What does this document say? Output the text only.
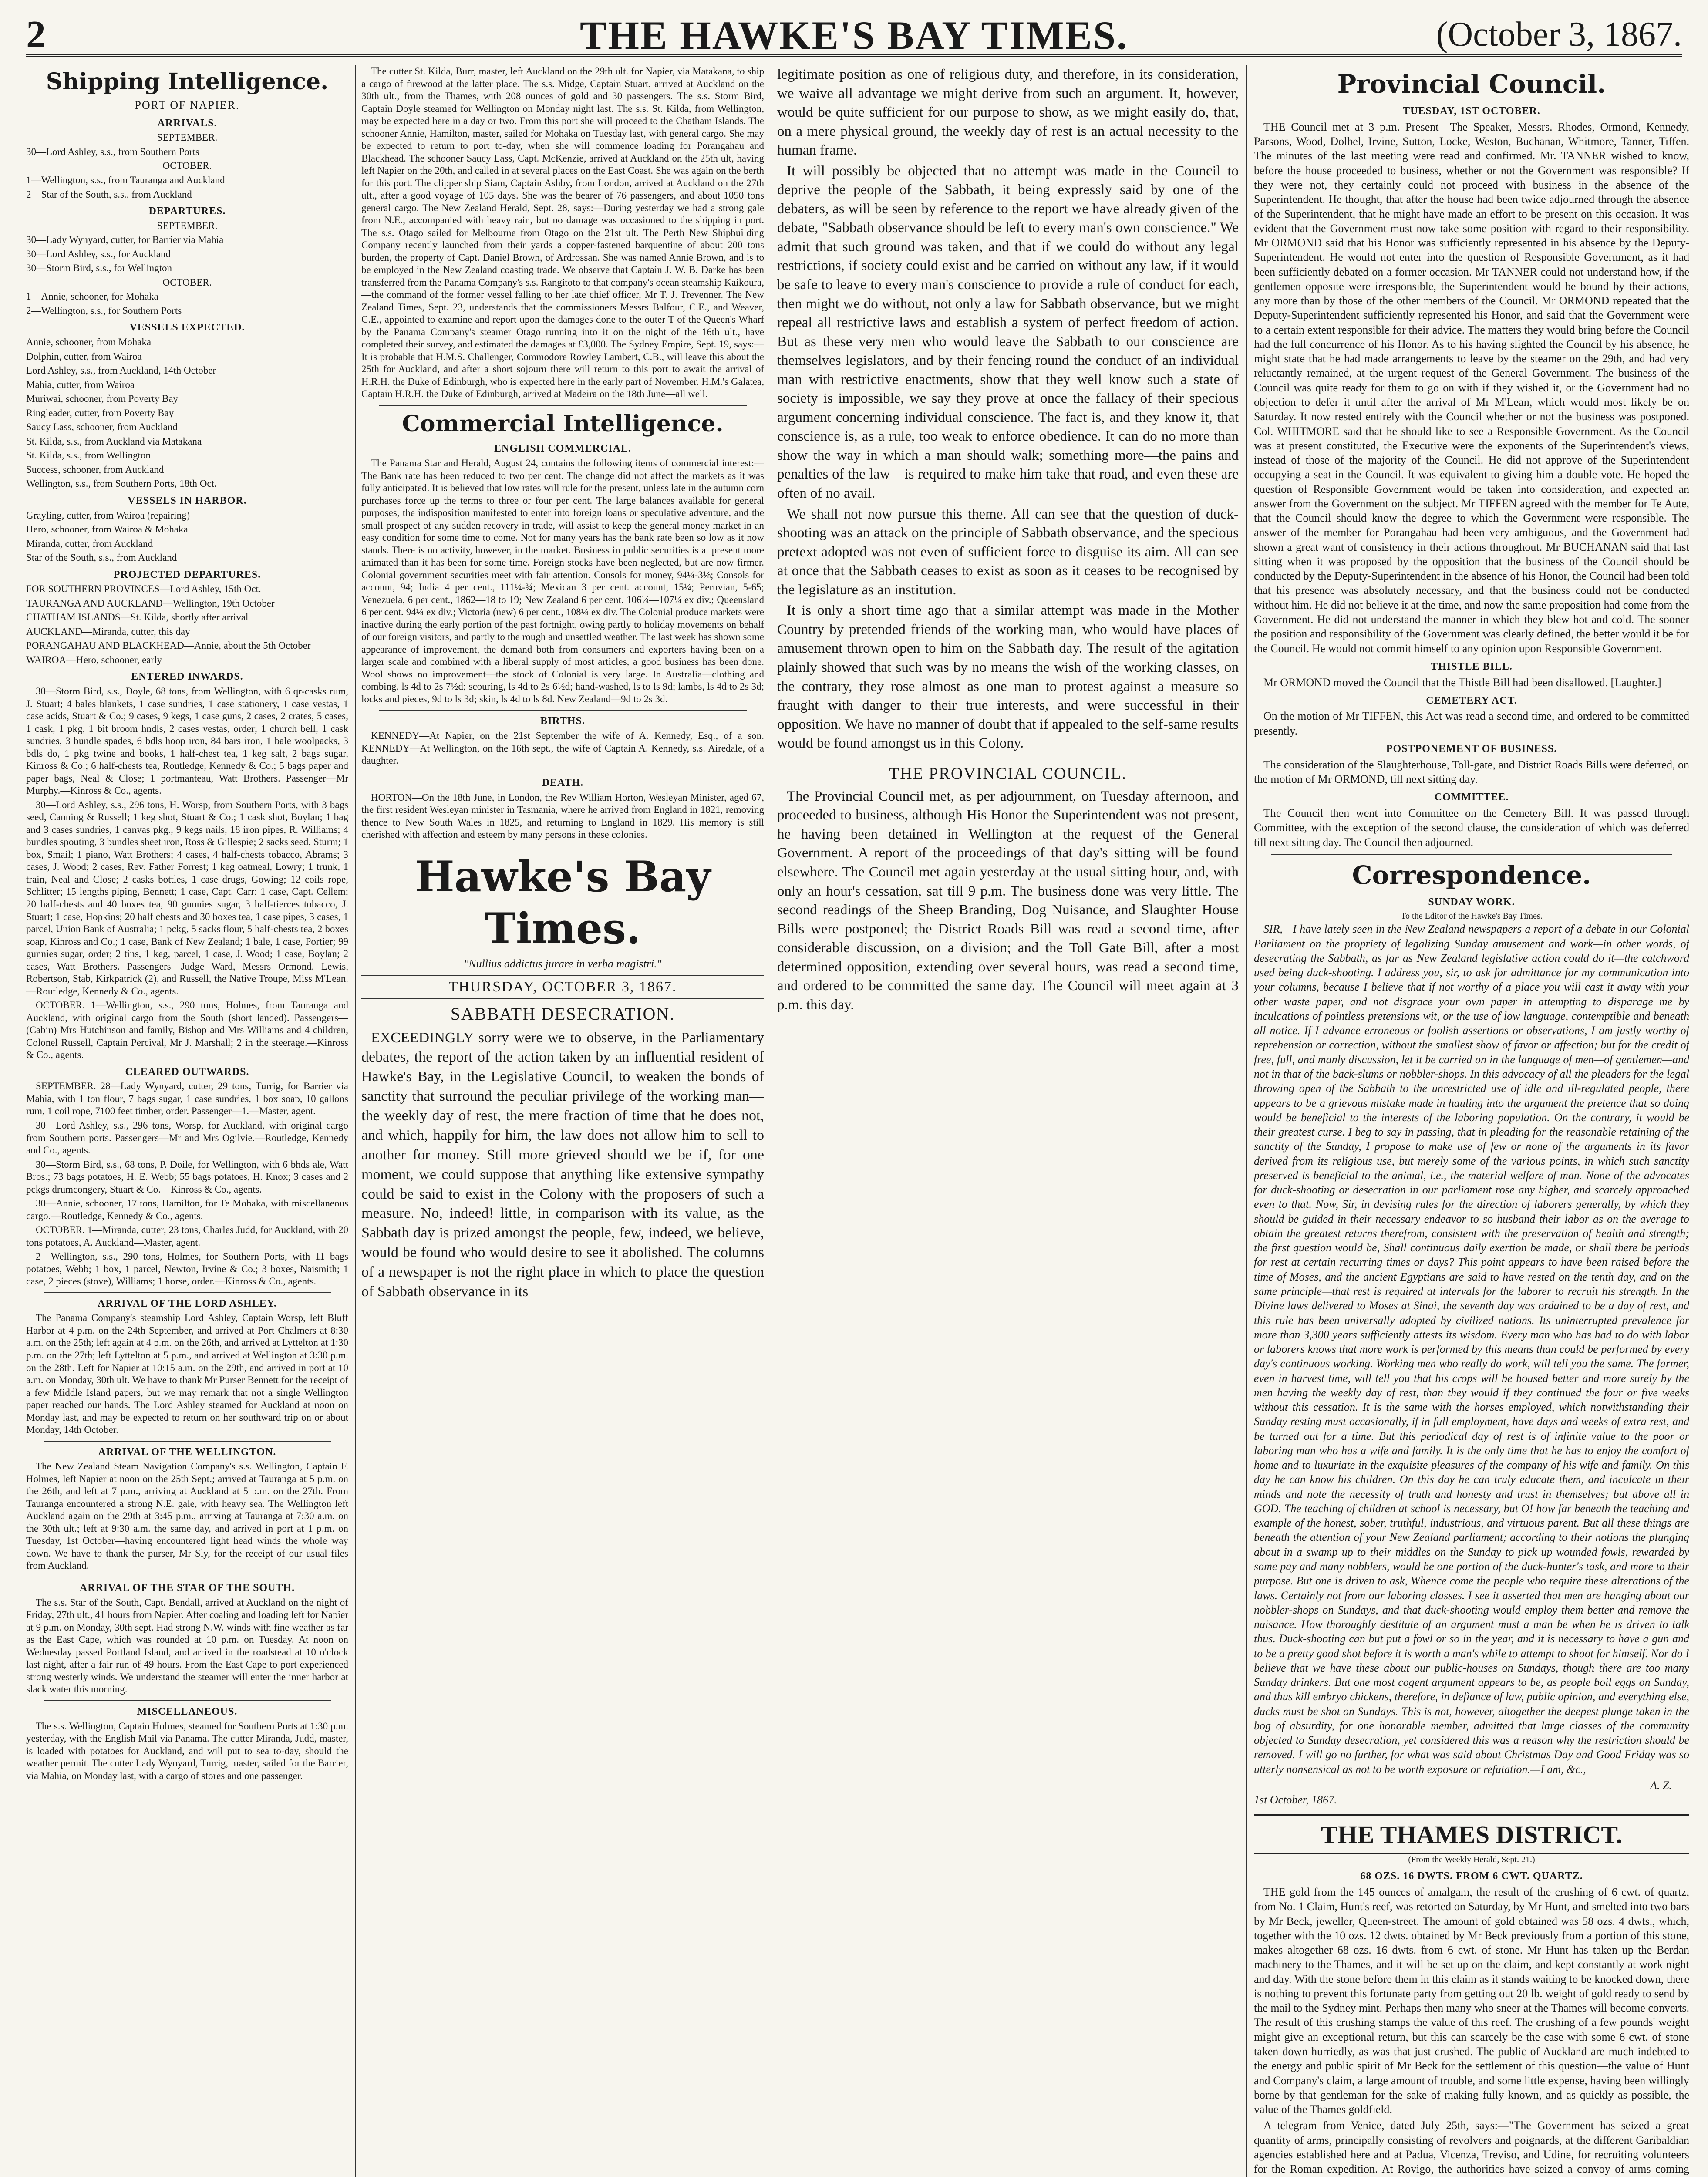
2	THE HAWKE'S BAY TIMES.	(October 3, 1867.
Shipping Intelligence.
PORT OF NAPIER.
ARRIVALS.

SEPTEMBER.

30—Lord Ashley, s.s., from Southern Ports

OCTOBER.

1—Wellington, s.s., from Tauranga and Auckland

2—Star of the South, s.s., from Auckland

DEPARTURES.

SEPTEMBER.

30—Lady Wynyard, cutter, for Barrier via Mahia

30—Lord Ashley, s.s., for Auckland

30—Storm Bird, s.s., for Wellington

OCTOBER.

1—Annie, schooner, for Mohaka

2—Wellington, s.s., for Southern Ports

VESSELS EXPECTED.

Annie, schooner, from Mohaka

Dolphin, cutter, from Wairoa

Lord Ashley, s.s., from Auckland, 14th October

Mahia, cutter, from Wairoa

Muriwai, schooner, from Poverty Bay

Ringleader, cutter, from Poverty Bay

Saucy Lass, schooner, from Auckland

St. Kilda, s.s., from Auckland via Matakana

St. Kilda, s.s., from Wellington

Success, schooner, from Auckland

Wellington, s.s., from Southern Ports, 18th Oct.

VESSELS IN HARBOR.

Grayling, cutter, from Wairoa (repairing)

Hero, schooner, from Wairoa & Mohaka

Miranda, cutter, from Auckland

Star of the South, s.s., from Auckland

PROJECTED DEPARTURES.

FOR SOUTHERN PROVINCES—Lord Ashley, 15th Oct.

TAURANGA AND AUCKLAND—Wellington, 19th October

CHATHAM ISLANDS—St. Kilda, shortly after arrival

AUCKLAND—Miranda, cutter, this day

PORANGAHAU AND BLACKHEAD—Annie, about the 5th October

WAIROA—Hero, schooner, early

ENTERED INWARDS.

30—Storm Bird, s.s., Doyle, 68 tons, from Wellington, with 6 qr-casks rum, J. Stuart; 4 bales blankets, 1 case sundries, 1 case stationery, 1 case vestas, 1 case acids, Stuart & Co.; 9 cases, 9 kegs, 1 case guns, 2 cases, 2 crates, 5 cases, 1 cask, 1 pkg, 1 bit broom hndls, 2 cases vestas, order; 1 church bell, 1 cask sundries, 3 bundle spades, 6 bdls hoop iron, 84 bars iron, 1 bale woolpacks, 3 bdls do, 1 pkg twine and books, 1 half-chest tea, 1 keg salt, 2 bags sugar, Kinross & Co.; 6 half-chests tea, Routledge, Kennedy & Co.; 5 bags paper and paper bags, Neal & Close; 1 portmanteau, Watt Brothers. Passenger—Mr Murphy.—Kinross & Co., agents.

30—Lord Ashley, s.s., 296 tons, H. Worsp, from Southern Ports, with 3 bags seed, Canning & Russell; 1 keg shot, Stuart & Co.; 1 cask shot, Boylan; 1 bag and 3 cases sundries, 1 canvas pkg., 9 kegs nails, 18 iron pipes, R. Williams; 4 bundles spouting, 3 bundles sheet iron, Ross & Gillespie; 2 sacks seed, Sturm; 1 box, Smail; 1 piano, Watt Brothers; 4 cases, 4 half-chests tobacco, Abrams; 3 cases, J. Wood; 2 cases, Rev. Father Forrest; 1 keg oatmeal, Lowry; 1 trunk, 1 train, Neal and Close; 2 casks bottles, 1 case drugs, Gowing; 12 coils rope, Schlitter; 15 lengths piping, Bennett; 1 case, Capt. Carr; 1 case, Capt. Cellem; 20 half-chests and 40 boxes tea, 90 gunnies sugar, 3 half-tierces tobacco, J. Stuart; 1 case, Hopkins; 20 half chests and 30 boxes tea, 1 case pipes, 3 cases, 1 parcel, Union Bank of Australia; 1 pckg, 5 sacks flour, 5 half-chests tea, 2 boxes soap, Kinross and Co.; 1 case, Bank of New Zealand; 1 bale, 1 case, Portier; 99 gunnies sugar, order; 2 tins, 1 keg, parcel, 1 case, J. Wood; 1 case, Boylan; 2 cases, Watt Brothers. Passengers—Judge Ward, Messrs Ormond, Lewis, Robertson, Stab, Kirkpatrick (2), and Russell, the Native Troupe, Miss M'Lean.—Routledge, Kennedy & Co., agents.

OCTOBER. 1—Wellington, s.s., 290 tons, Holmes, from Tauranga and Auckland, with original cargo from the South (short landed). Passengers—(Cabin) Mrs Hutchinson and family, Bishop and Mrs Williams and 4 children, Colonel Russell, Captain Percival, Mr J. Marshall; 2 in the steerage.—Kinross & Co., agents.

CLEARED OUTWARDS.

SEPTEMBER. 28—Lady Wynyard, cutter, 29 tons, Turrig, for Barrier via Mahia, with 1 ton flour, 7 bags sugar, 1 case sundries, 1 box soap, 10 gallons rum, 1 coil rope, 7100 feet timber, order. Passenger—1.—Master, agent.

30—Lord Ashley, s.s., 296 tons, Worsp, for Auckland, with original cargo from Southern ports. Passengers—Mr and Mrs Ogilvie.—Routledge, Kennedy and Co., agents.

30—Storm Bird, s.s., 68 tons, P. Doile, for Wellington, with 6 bhds ale, Watt Bros.; 73 bags potatoes, H. E. Webb; 55 bags potatoes, H. Knox; 3 cases and 2 pckgs drumcongery, Stuart & Co.—Kinross & Co., agents.

30—Annie, schooner, 17 tons, Hamilton, for Te Mohaka, with miscellaneous cargo.—Routledge, Kennedy & Co., agents.

OCTOBER. 1—Miranda, cutter, 23 tons, Charles Judd, for Auckland, with 20 tons potatoes, A. Auckland—Master, agent.

2—Wellington, s.s., 290 tons, Holmes, for Southern Ports, with 11 bags potatoes, Webb; 1 box, 1 parcel, Newton, Irvine & Co.; 3 boxes, Naismith; 1 case, 2 pieces (stove), Williams; 1 horse, order.—Kinross & Co., agents.

ARRIVAL OF THE LORD ASHLEY.

The Panama Company's steamship Lord Ashley, Captain Worsp, left Bluff Harbor at 4 p.m. on the 24th September, and arrived at Port Chalmers at 8:30 a.m. on the 25th; left again at 4 p.m. on the 26th, and arrived at Lyttelton at 1:30 p.m. on the 27th; left Lyttelton at 5 p.m., and arrived at Wellington at 3:30 p.m. on the 28th. Left for Napier at 10:15 a.m. on the 29th, and arrived in port at 10 a.m. on Monday, 30th ult. We have to thank Mr Purser Bennett for the receipt of a few Middle Island papers, but we may remark that not a single Wellington paper reached our hands. The Lord Ashley steamed for Auckland at noon on Monday last, and may be expected to return on her southward trip on or about Monday, 14th October.

ARRIVAL OF THE WELLINGTON.

The New Zealand Steam Navigation Company's s.s. Wellington, Captain F. Holmes, left Napier at noon on the 25th Sept.; arrived at Tauranga at 5 p.m. on the 26th, and left at 7 p.m., arriving at Auckland at 5 p.m. on the 27th. From Tauranga encountered a strong N.E. gale, with heavy sea. The Wellington left Auckland again on the 29th at 3:45 p.m., arriving at Tauranga at 7:30 a.m. on the 30th ult.; left at 9:30 a.m. the same day, and arrived in port at 1 p.m. on Tuesday, 1st October—having encountered light head winds the whole way down. We have to thank the purser, Mr Sly, for the receipt of our usual files from Auckland.

ARRIVAL OF THE STAR OF THE SOUTH.

The s.s. Star of the South, Capt. Bendall, arrived at Auckland on the night of Friday, 27th ult., 41 hours from Napier. After coaling and loading left for Napier at 9 p.m. on Monday, 30th sept. Had strong N.W. winds with fine weather as far as the East Cape, which was rounded at 10 p.m. on Tuesday. At noon on Wednesday passed Portland Island, and arrived in the roadstead at 10 o'clock last night, after a fair run of 49 hours. From the East Cape to port experienced strong westerly winds. We understand the steamer will enter the inner harbor at slack water this morning.

MISCELLANEOUS.

The s.s. Wellington, Captain Holmes, steamed for Southern Ports at 1:30 p.m. yesterday, with the English Mail via Panama. The cutter Miranda, Judd, master, is loaded with potatoes for Auckland, and will put to sea to-day, should the weather permit. The cutter Lady Wynyard, Turrig, master, sailed for the Barrier, via Mahia, on Monday last, with a cargo of stores and one passenger.

The cutter St. Kilda, Burr, master, left Auckland on the 29th ult. for Napier, via Matakana, to ship a cargo of firewood at the latter place. The s.s. Midge, Captain Stuart, arrived at Auckland on the 30th ult., from the Thames, with 208 ounces of gold and 30 passengers. The s.s. Storm Bird, Captain Doyle steamed for Wellington on Monday night last. The s.s. St. Kilda, from Wellington, may be expected here in a day or two. From this port she will proceed to the Chatham Islands. The schooner Annie, Hamilton, master, sailed for Mohaka on Tuesday last, with general cargo. She may be expected to return to port to-day, when she will commence loading for Porangahau and Blackhead. The schooner Saucy Lass, Capt. McKenzie, arrived at Auckland on the 25th ult, having left Napier on the 20th, and called in at several places on the East Coast. She was again on the berth for this port. The clipper ship Siam, Captain Ashby, from London, arrived at Auckland on the 27th ult., after a good voyage of 105 days. She was the bearer of 76 passengers, and about 1050 tons general cargo. The New Zealand Herald, Sept. 28, says:—During yesterday we had a strong gale from N.E., accompanied with heavy rain, but no damage was occasioned to the shipping in port. The s.s. Otago sailed for Melbourne from Otago on the 21st ult. The Perth New Shipbuilding Company recently launched from their yards a copper-fastened barquentine of about 200 tons burden, the property of Capt. Daniel Brown, of Ardrossan. She was named Annie Brown, and is to be employed in the New Zealand coasting trade. We observe that Captain J. W. B. Darke has been transferred from the Panama Company's s.s. Rangitoto to that company's ocean steamship Kaikoura,—the command of the former vessel falling to her late chief officer, Mr T. J. Trevenner. The New Zealand Times, Sept. 23, understands that the commissioners Messrs Balfour, C.E., and Weaver, C.E., appointed to examine and report upon the damages done to the outer T of the Queen's Wharf by the Panama Company's steamer Otago running into it on the night of the 16th ult., have completed their survey, and estimated the damages at £3,000. The Sydney Empire, Sept. 19, says:—It is probable that H.M.S. Challenger, Commodore Rowley Lambert, C.B., will leave this about the 25th for Auckland, and after a short sojourn there will return to this port to await the arrival of H.R.H. the Duke of Edinburgh, who is expected here in the early part of November. H.M.'s Galatea, Captain H.R.H. the Duke of Edinburgh, arrived at Madeira on the 18th June—all well.

Commercial Intelligence.
ENGLISH COMMERCIAL.

The Panama Star and Herald, August 24, contains the following items of commercial interest:— The Bank rate has been reduced to two per cent. The change did not affect the markets as it was fully anticipated. It is believed that low rates will rule for the present, unless late in the autumn corn purchases force up the terms to three or four per cent. The large balances available for general purposes, the indisposition manifested to enter into foreign loans or speculative adventure, and the small prospect of any sudden recovery in trade, will assist to keep the general money market in an easy condition for some time to come. Not for many years has the bank rate been so low as it now stands. There is no activity, however, in the market. Business in public securities is at present more animated than it has been for some time. Foreign stocks have been neglected, but are now firmer. Colonial government securities meet with fair attention. Consols for money, 94¼-3⅛; Consols for account, 94; India 4 per cent., 111¼-¾; Mexican 3 per cent. account, 15¼; Peruvian, 5-65; Venezuela, 6 per cent., 1862—18 to 19; New Zealand 6 per cent. 106¼—107¼ ex div.; Queensland 6 per cent. 94¼ ex div.; Victoria (new) 6 per cent., 108¼ ex div. The Colonial produce markets were inactive during the early portion of the past fortnight, owing partly to holiday movements on behalf of our foreign visitors, and partly to the rough and unsettled weather. The last week has shown some appearance of improvement, the demand both from consumers and exporters having been on a larger scale and combined with a liberal supply of most articles, a good business has been done. Wool shows no improvement—the stock of Colonial is very large. In Australia—clothing and combing, ls 4d to 2s 7½d; scouring, ls 4d to 2s 6½d; hand-washed, ls to ls 9d; lambs, ls 4d to 2s 3d; locks and pieces, 9d to ls 3d; skin, ls 4d to ls 8d. New Zealand—9d to 2s 3d.

BIRTHS.

KENNEDY—At Napier, on the 21st September the wife of A. Kennedy, Esq., of a son. KENNEDY—At Wellington, on the 16th sept., the wife of Captain A. Kennedy, s.s. Airedale, of a daughter.

DEATH.

HORTON—On the 18th June, in London, the Rev William Horton, Wesleyan Minister, aged 67, the first resident Wesleyan minister in Tasmania, where he arrived from England in 1821, removing thence to New South Wales in 1825, and returning to England in 1829. His memory is still cherished with affection and esteem by many persons in these colonies.

Hawke's Bay Times.
"Nullius addictus jurare in verba magistri."
THURSDAY, OCTOBER 3, 1867.
SABBATH DESECRATION.

EXCEEDINGLY sorry were we to observe, in the Parliamentary debates, the report of the action taken by an influential resident of Hawke's Bay, in the Legislative Council, to weaken the bonds of sanctity that surround the peculiar privilege of the working man—the weekly day of rest, the mere fraction of time that he does not, and which, happily for him, the law does not allow him to sell to another for money. Still more grieved should we be if, for one moment, we could suppose that anything like extensive sympathy could be said to exist in the Colony with the proposers of such a measure. No, indeed! little, in comparison with its value, as the Sabbath day is prized amongst the people, few, indeed, we believe, would be found who would desire to see it abolished. The columns of a newspaper is not the right place in which to place the question of Sabbath observance in its

legitimate position as one of religious duty, and therefore, in its consideration, we waive all advantage we might derive from such an argument. It, however, would be quite sufficient for our purpose to show, as we might easily do, that, on a mere physical ground, the weekly day of rest is an actual necessity to the human frame.

It will possibly be objected that no attempt was made in the Council to deprive the people of the Sabbath, it being expressly said by one of the debaters, as will be seen by reference to the report we have already given of the debate, "Sabbath observance should be left to every man's own conscience." We admit that such ground was taken, and that if we could do without any legal restrictions, if society could exist and be carried on without any law, if it would be safe to leave to every man's conscience to provide a rule of conduct for each, then might we do without, not only a law for Sabbath observance, but we might repeal all restrictive laws and establish a system of perfect freedom of action. But as these very men who would leave the Sabbath to our conscience are themselves legislators, and by their fencing round the conduct of an individual man with restrictive enactments, show that they well know such a state of society is impossible, we say they prove at once the fallacy of their specious argument concerning individual conscience. The fact is, and they know it, that conscience is, as a rule, too weak to enforce obedience. It can do no more than show the way in which a man should walk; something more—the pains and penalties of the law—is required to make him take that road, and even these are often of no avail.

We shall not now pursue this theme. All can see that the question of duck-shooting was an attack on the principle of Sabbath observance, and the specious pretext adopted was not even of sufficient force to disguise its aim. All can see at once that the Sabbath ceases to exist as soon as it ceases to be recognised by the legislature as an institution.

It is only a short time ago that a similar attempt was made in the Mother Country by pretended friends of the working man, who would have places of amusement thrown open to him on the Sabbath day. The result of the agitation plainly showed that such was by no means the wish of the working classes, on the contrary, they rose almost as one man to protest against a measure so fraught with danger to their true interests, and were successful in their opposition. We have no manner of doubt that if appealed to the self-same results would be found amongst us in this Colony.

THE PROVINCIAL COUNCIL.

The Provincial Council met, as per adjournment, on Tuesday afternoon, and proceeded to business, although His Honor the Superintendent was not present, he having been detained in Wellington at the request of the General Government. A report of the proceedings of that day's sitting will be found elsewhere. The Council met again yesterday at the usual sitting hour, and, with only an hour's cessation, sat till 9 p.m. The business done was very little. The second readings of the Sheep Branding, Dog Nuisance, and Slaughter House Bills were postponed; the District Roads Bill was read a second time, after considerable discussion, on a division; and the Toll Gate Bill, after a most determined opposition, extending over several hours, was read a second time, and ordered to be committed the same day. The Council will meet again at 3 p.m. this day.

Provincial Council.
TUESDAY, 1ST OCTOBER.

THE Council met at 3 p.m. Present—The Speaker, Messrs. Rhodes, Ormond, Kennedy, Parsons, Wood, Dolbel, Irvine, Sutton, Locke, Weston, Buchanan, Whitmore, Tanner, Tiffen. The minutes of the last meeting were read and confirmed. Mr. TANNER wished to know, before the house proceeded to business, whether or not the Government was responsible? If they were not, they certainly could not proceed with business in the absence of the Superintendent. He thought, that after the house had been twice adjourned through the absence of the Superintendent, that he might have made an effort to be present on this occasion. It was evident that the Government must now take some position with regard to their responsibility. Mr ORMOND said that his Honor was sufficiently represented in his absence by the Deputy-Superintendent. He would not enter into the question of Responsible Government, as it had been sufficiently debated on a former occasion. Mr TANNER could not understand how, if the gentlemen opposite were irresponsible, the Superintendent would be bound by their actions, any more than by those of the other members of the Council. Mr ORMOND repeated that the Deputy-Superintendent sufficiently represented his Honor, and said that the Government were to a certain extent responsible for their advice. The matters they would bring before the Council had the full concurrence of his Honor. As to his having slighted the Council by his absence, he might state that he had made arrangements to leave by the steamer on the 29th, and had very reluctantly remained, at the urgent request of the General Government. The business of the Council was quite ready for them to go on with if they wished it, or the Government had no objection to defer it until after the arrival of Mr M'Lean, which would most likely be on Saturday. It now rested entirely with the Council whether or not the business was postponed. Col. WHITMORE said that he should like to see a Responsible Government. As the Council was at present constituted, the Executive were the exponents of the Superintendent's views, instead of those of the majority of the Council. He did not approve of the Superintendent occupying a seat in the Council. It was equivalent to giving him a double vote. He hoped the question of Responsible Government would be taken into consideration, and expected an answer from the Government on the subject. Mr TIFFEN agreed with the member for Te Aute, that the Council should know the degree to which the Government were responsible. The answer of the member for Porangahau had been very ambiguous, and the Government had shown a great want of consistency in their actions throughout. Mr BUCHANAN said that last sitting when it was proposed by the opposition that the business of the Council should be conducted by the Deputy-Superintendent in the absence of his Honor, the Council had been told that his presence was absolutely necessary, and that the business could not be conducted without him. He did not believe it at the time, and now the same proposition had come from the Government. He did not understand the manner in which they blew hot and cold. The sooner the position and responsibility of the Government was clearly defined, the better would it be for the Council. He would not commit himself to any opinion upon Responsible Government.

THISTLE BILL.

Mr ORMOND moved the Council that the Thistle Bill had been disallowed. [Laughter.]

CEMETERY ACT.

On the motion of Mr TIFFEN, this Act was read a second time, and ordered to be committed presently.

POSTPONEMENT OF BUSINESS.

The consideration of the Slaughterhouse, Toll-gate, and District Roads Bills were deferred, on the motion of Mr ORMOND, till next sitting day.

COMMITTEE.

The Council then went into Committee on the Cemetery Bill. It was passed through Committee, with the exception of the second clause, the consideration of which was deferred till next sitting day. The Council then adjourned.

Correspondence.
SUNDAY WORK.
To the Editor of the Hawke's Bay Times.

SIR,—I have lately seen in the New Zealand newspapers a report of a debate in our Colonial Parliament on the propriety of legalizing Sunday amusement and work—in other words, of desecrating the Sabbath, as far as New Zealand legislative action could do it—the catchword used being duck-shooting. I address you, sir, to ask for admittance for my communication into your columns, because I believe that if not worthy of a place you will cast it away with your other waste paper, and not disgrace your own paper in attempting to disparage me by inculcations of pointless pretensions wit, or the use of low language, contemptible and beneath all notice. If I advance erroneous or foolish assertions or observations, I am justly worthy of reprehension or correction, without the smallest show of favor or affection; but for the credit of free, full, and manly discussion, let it be carried on in the language of men—of gentlemen—and not in that of the back-slums or nobbler-shops. In this advocacy of all the pleaders for the legal throwing open of the Sabbath to the unrestricted use of idle and ill-regulated people, there appears to be a grievous mistake made in hauling into the argument the pretence that so doing would be beneficial to the interests of the laboring population. On the contrary, it would be their greatest curse. I beg to say in passing, that in pleading for the reasonable retaining of the sanctity of the Sunday, I propose to make use of few or none of the arguments in its favor derived from its religious use, but merely some of the various points, in which such sanctity preserved is beneficial to the animal, i.e., the material welfare of man. None of the advocates for duck-shooting or desecration in our parliament rose any higher, and scarcely approached even to that. Now, Sir, in devising rules for the direction of laborers generally, by which they should be guided in their necessary endeavor to so husband their labor as on the average to obtain the greatest returns therefrom, consistent with the preservation of health and strength; the first question would be, Shall continuous daily exertion be made, or shall there be periods for rest at certain recurring times or days? This point appears to have been raised before the time of Moses, and the ancient Egyptians are said to have rested on the tenth day, and on the same principle—that rest is required at intervals for the laborer to recruit his strength. In the Divine laws delivered to Moses at Sinai, the seventh day was ordained to be a day of rest, and this rule has been universally adopted by civilized nations. Its uninterrupted prevalence for more than 3,300 years sufficiently attests its wisdom. Every man who has had to do with labor or laborers knows that more work is performed by this means than could be performed by every day's continuous working. Working men who really do work, will tell you the same. The farmer, even in harvest time, will tell you that his crops will be housed better and more surely by the men having the weekly day of rest, than they would if they continued the four or five weeks without this cessation. It is the same with the horses employed, which notwithstanding their Sunday resting must occasionally, if in full employment, have days and weeks of extra rest, and be turned out for a time. But this periodical day of rest is of infinite value to the poor or laboring man who has a wife and family. It is the only time that he has to enjoy the comfort of home and to luxuriate in the exquisite pleasures of the company of his wife and family. On this day he can know his children. On this day he can truly educate them, and inculcate in their minds and note the necessity of truth and honesty and trust in themselves; but above all in GOD. The teaching of children at school is necessary, but O! how far beneath the teaching and example of the honest, sober, truthful, industrious, and virtuous parent. But all these things are beneath the attention of your New Zealand parliament; according to their notions the plunging about in a swamp up to their middles on the Sunday to pick up wounded fowls, rewarded by some pay and many nobblers, would be one portion of the duck-hunter's task, and more to their purpose. But one is driven to ask, Whence come the people who require these alterations of the laws. Certainly not from our laboring classes. I see it asserted that men are hanging about our nobbler-shops on Sundays, and that duck-shooting would employ them better and remove the nuisance. How thoroughly destitute of an argument must a man be when he is driven to talk thus. Duck-shooting can but put a fowl or so in the year, and it is necessary to have a gun and to be a pretty good shot before it is worth a man's while to attempt to shoot for himself. Nor do I believe that we have these about our public-houses on Sundays, though there are too many Sunday drinkers. But one most cogent argument appears to be, as people boil eggs on Sunday, and thus kill embryo chickens, therefore, in defiance of law, public opinion, and everything else, ducks must be shot on Sundays. This is not, however, altogether the deepest plunge taken in the bog of absurdity, for one honorable member, admitted that large classes of the community objected to Sunday desecration, yet considered this was a reason why the restriction should be removed. I will go no further, for what was said about Christmas Day and Good Friday was so utterly nonsensical as not to be worth exposure or refutation.—I am, &c.,

A. Z.
1st October, 1867.
THE THAMES DISTRICT.
(From the Weekly Herald, Sept. 21.)
68 OZS. 16 DWTS. FROM 6 CWT. QUARTZ.

THE gold from the 145 ounces of amalgam, the result of the crushing of 6 cwt. of quartz, from No. 1 Claim, Hunt's reef, was retorted on Saturday, by Mr Hunt, and smelted into two bars by Mr Beck, jeweller, Queen-street. The amount of gold obtained was 58 ozs. 4 dwts., which, together with the 10 ozs. 12 dwts. obtained by Mr Beck previously from a portion of this stone, makes altogether 68 ozs. 16 dwts. from 6 cwt. of stone. Mr Hunt has taken up the Berdan machinery to the Thames, and it will be set up on the claim, and kept constantly at work night and day. With the stone before them in this claim as it stands waiting to be knocked down, there is nothing to prevent this fortunate party from getting out 20 lb. weight of gold ready to send by the mail to the Sydney mint. Perhaps then many who sneer at the Thames will become converts. The result of this crushing stamps the value of this reef. The crushing of a few pounds' weight might give an exceptional return, but this can scarcely be the case with some 6 cwt. of stone taken down hurriedly, as was that just crushed. The public of Auckland are much indebted to the energy and public spirit of Mr Beck for the settlement of this question—the value of Hunt and Company's claim, a large amount of trouble, and some little expense, having been willingly borne by that gentleman for the sake of making fully known, and as quickly as possible, the value of the Thames goldfield.

A telegram from Venice, dated July 25th, says:—"The Government has seized a great quantity of arms, principally consisting of revolvers and poignards, at the different Garibaldian agencies established here and at Padua, Vicenza, Treviso, and Udine, for recruiting volunteers for the Roman expedition. At Rovigo, the authorities have seized a convoy of arms coming
